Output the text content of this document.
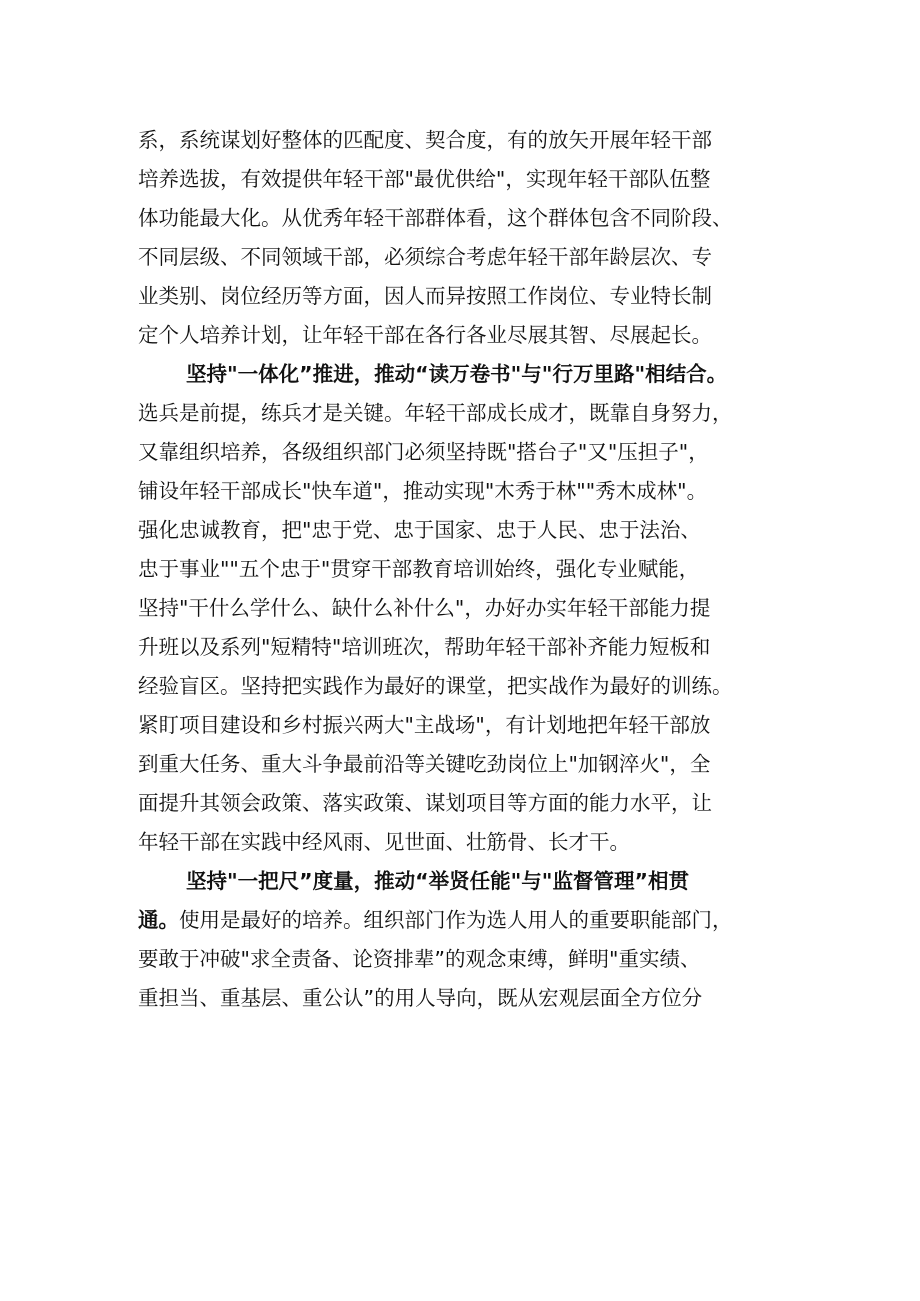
系，系统谋划好整体的匹配度、契合度，有的放矢开展年轻干部
培养选拔，有效提供年轻干部"最优供给"，实现年轻干部队伍整
体功能最大化。从优秀年轻干部群体看，这个群体包含不同阶段、
不同层级、不同领域干部，必须综合考虑年轻干部年龄层次、专
业类别、岗位经历等方面，因人而异按照工作岗位、专业特长制
定个人培养计划，让年轻干部在各行各业尽展其智、尽展起长。
坚持"一体化”推进，推动“读万卷书"与"行万里路"相结合。
选兵是前提，练兵才是关键。年轻干部成长成才，既靠自身努力，
又靠组织培养，各级组织部门必须坚持既"搭台子"又"压担子"，
铺设年轻干部成长"快车道"，推动实现"木秀于林""秀木成林"。
强化忠诚教育，把"忠于党、忠于国家、忠于人民、忠于法治、
忠于事业""五个忠于"贯穿干部教育培训始终，强化专业赋能，
坚持"干什么学什么、缺什么补什么"，办好办实年轻干部能力提
升班以及系列"短精特"培训班次，帮助年轻干部补齐能力短板和
经验盲区。坚持把实践作为最好的课堂，把实战作为最好的训练。
紧盯项目建设和乡村振兴两大"主战场"，有计划地把年轻干部放
到重大任务、重大斗争最前沿等关键吃劲岗位上"加钢淬火"，全
面提升其领会政策、落实政策、谋划项目等方面的能力水平，让
年轻干部在实践中经风雨、见世面、壮筋骨、长才干。
坚持"一把尺”度量，推动“举贤任能"与"监督管理”相贯
通。使用是最好的培养。组织部门作为选人用人的重要职能部门，
要敢于冲破"求全责备、论资排辈”的观念束缚，鲜明"重实绩、
重担当、重基层、重公认”的用人导向，既从宏观层面全方位分
